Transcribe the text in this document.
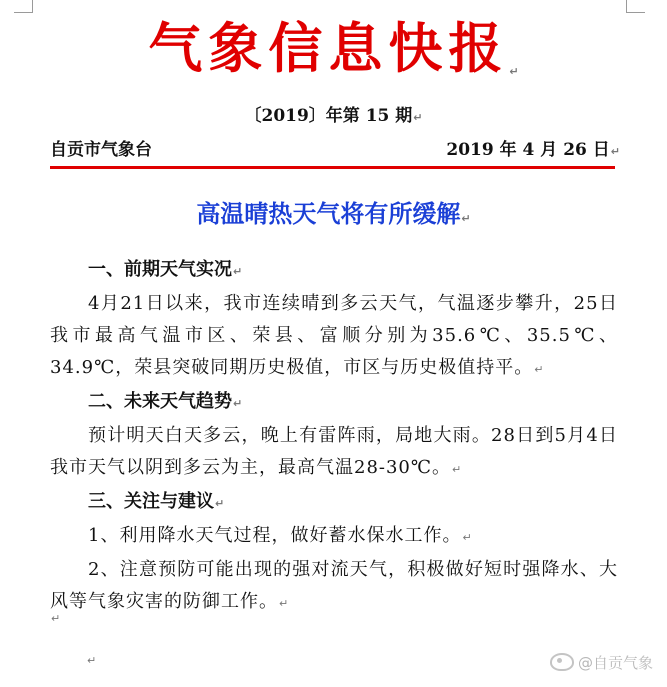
气象信息快报↵
〔2019〕年第 15 期↵
自贡市气象台	2019 年 4 月 26 日↵
高温晴热天气将有所缓解↵
一、前期天气实况↵
4月21日以来，我市连续晴到多云天气，气温逐步攀升，25日我市最高气温市区、荣县、富顺分别为35.6℃、35.5℃、34.9℃，荣县突破同期历史极值，市区与历史极值持平。↵
二、未来天气趋势↵
预计明天白天多云，晚上有雷阵雨，局地大雨。28日到5月4日我市天气以阴到多云为主，最高气温28-30℃。↵
三、关注与建议↵
1、利用降水天气过程，做好蓄水保水工作。↵
2、注意预防可能出现的强对流天气，积极做好短时强降水、大风等气象灾害的防御工作。↵
↵
↵	@自贡气象
